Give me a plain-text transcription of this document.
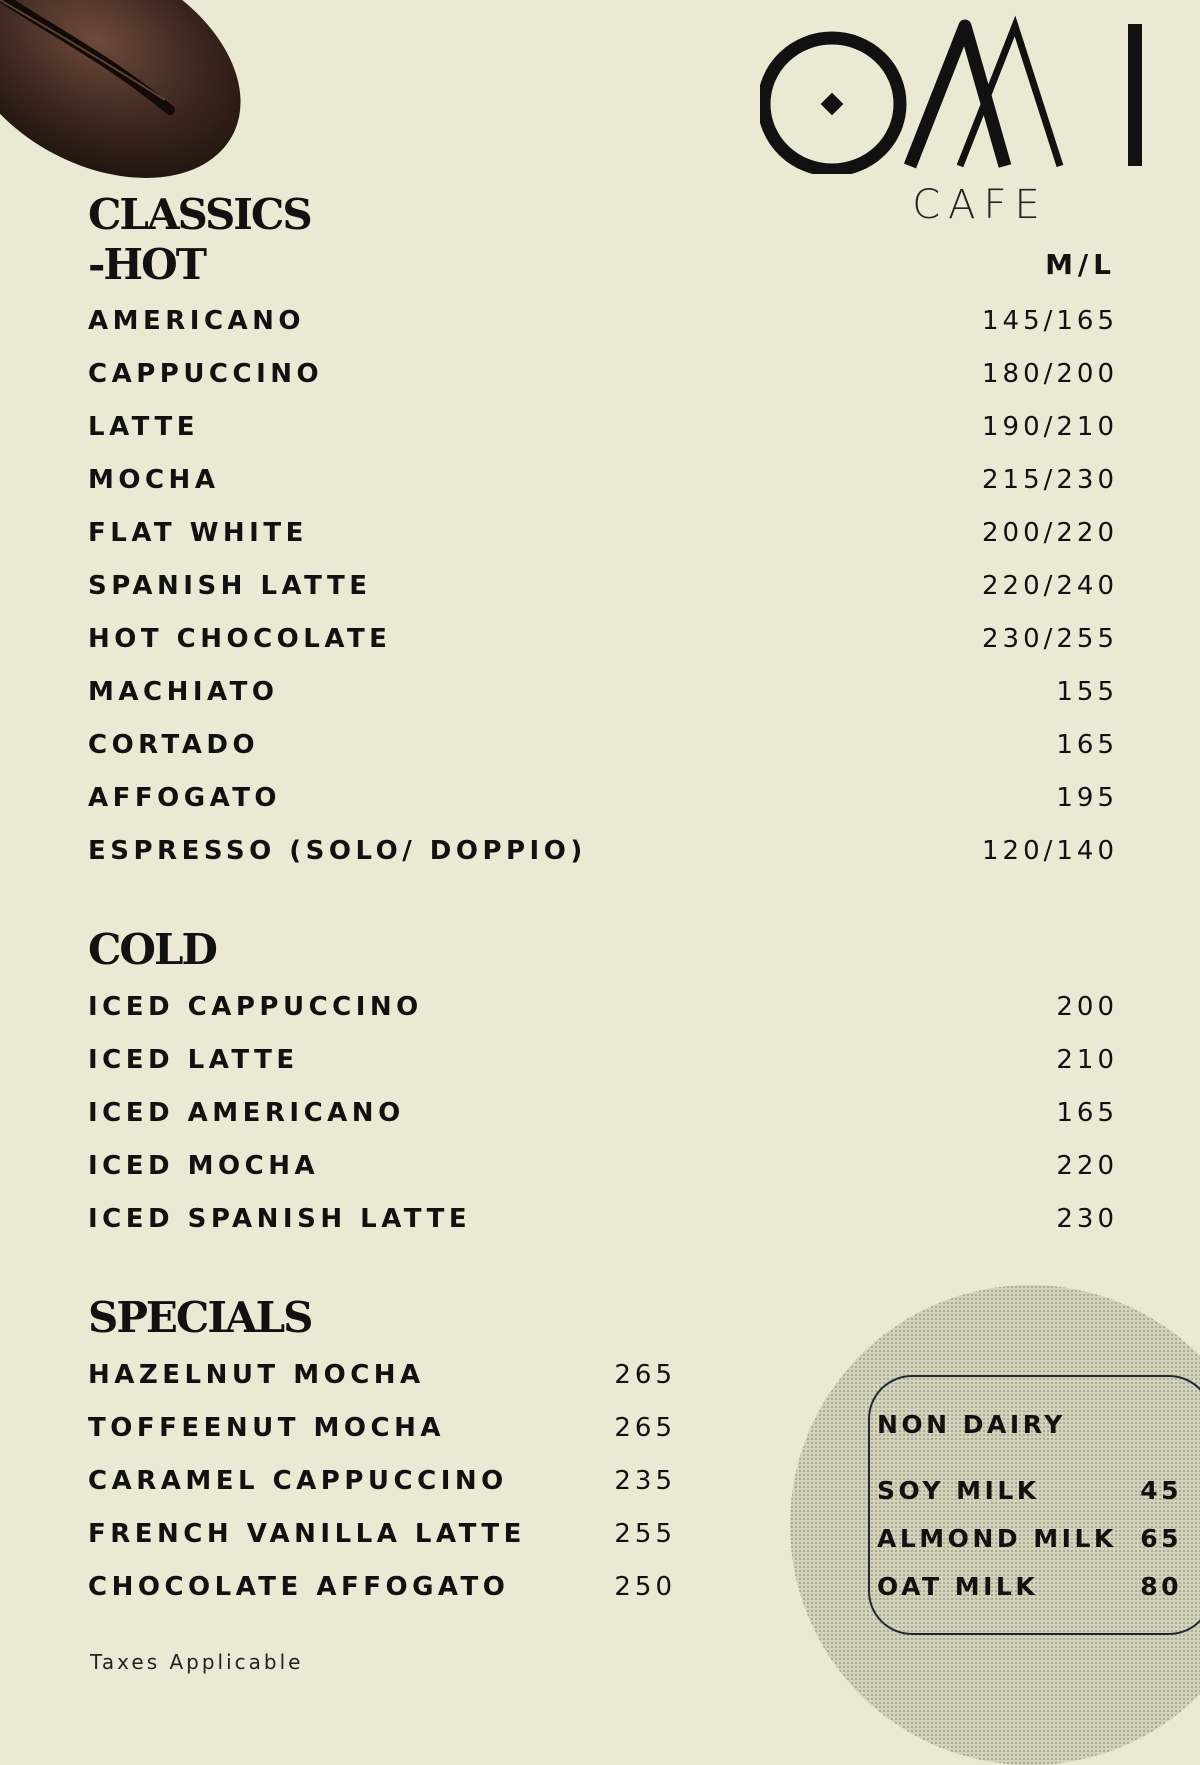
CAFE
CLASSICS
-HOT	M/L
AMERICANO	145/165
CAPPUCCINO	180/200
LATTE	190/210
MOCHA	215/230
FLAT WHITE	200/220
SPANISH LATTE	220/240
HOT CHOCOLATE	230/255
MACHIATO	155
CORTADO	165
AFFOGATO	195
ESPRESSO (SOLO/ DOPPIO)	120/140
COLD
ICED CAPPUCCINO	200
ICED LATTE	210
ICED AMERICANO	165
ICED MOCHA	220
ICED SPANISH LATTE	230
SPECIALS
HAZELNUT MOCHA	265
TOFFEENUT MOCHA	265
CARAMEL CAPPUCCINO	235
FRENCH VANILLA LATTE	255
CHOCOLATE AFFOGATO	250
NON DAIRY
SOY MILK	45
ALMOND MILK 65
OAT MILK	80
Taxes Applicable
